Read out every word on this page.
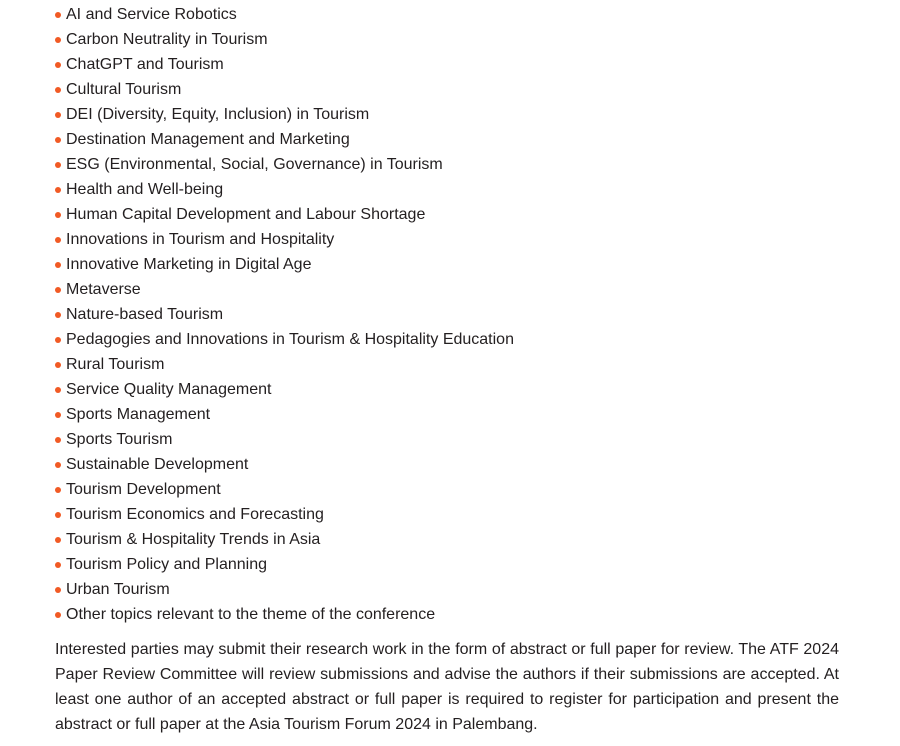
AI and Service Robotics
Carbon Neutrality in Tourism
ChatGPT and Tourism
Cultural Tourism
DEI (Diversity, Equity, Inclusion) in Tourism
Destination Management and Marketing
ESG (Environmental, Social, Governance) in Tourism
Health and Well-being
Human Capital Development and Labour Shortage
Innovations in Tourism and Hospitality
Innovative Marketing in Digital Age
Metaverse
Nature-based Tourism
Pedagogies and Innovations in Tourism & Hospitality Education
Rural Tourism
Service Quality Management
Sports Management
Sports Tourism
Sustainable Development
Tourism Development
Tourism Economics and Forecasting
Tourism & Hospitality Trends in Asia
Tourism Policy and Planning
Urban Tourism
Other topics relevant to the theme of the conference

Interested parties may submit their research work in the form of abstract or full paper for review. The ATF 2024 Paper Review Committee will review submissions and advise the authors if their submissions are accepted. At least one author of an accepted abstract or full paper is required to register for participation and present the abstract or full paper at the Asia Tourism Forum 2024 in Palembang.
